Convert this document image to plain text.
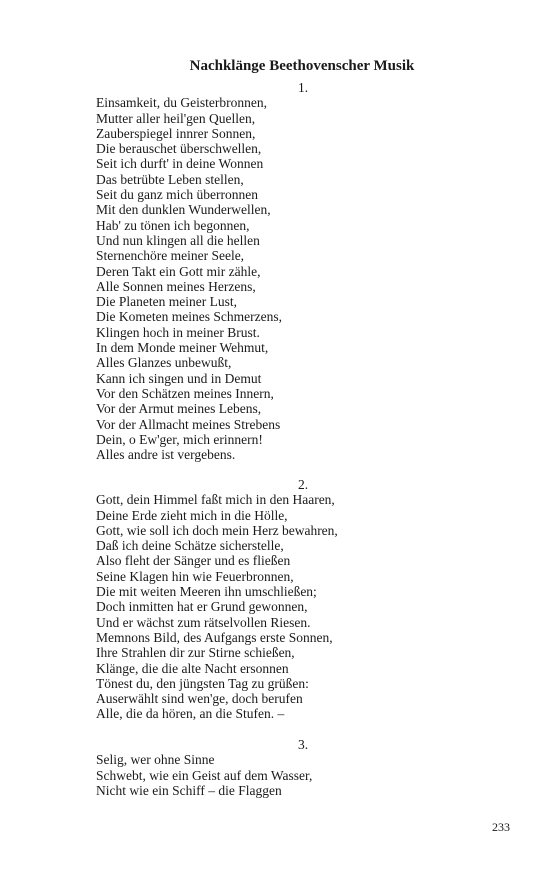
Nachklänge Beethovenscher Musik
1.
Einsamkeit, du Geisterbronnen,
Mutter aller heil'gen Quellen,
Zauberspiegel innrer Sonnen,
Die berauschet überschwellen,
Seit ich durft' in deine Wonnen
Das betrübte Leben stellen,
Seit du ganz mich überronnen
Mit den dunklen Wunderwellen,
Hab' zu tönen ich begonnen,
Und nun klingen all die hellen
Sternenchöre meiner Seele,
Deren Takt ein Gott mir zähle,
Alle Sonnen meines Herzens,
Die Planeten meiner Lust,
Die Kometen meines Schmerzens,
Klingen hoch in meiner Brust.
In dem Monde meiner Wehmut,
Alles Glanzes unbewußt,
Kann ich singen und in Demut
Vor den Schätzen meines Innern,
Vor der Armut meines Lebens,
Vor der Allmacht meines Strebens
Dein, o Ew'ger, mich erinnern!
Alles andre ist vergebens.
2.
Gott, dein Himmel faßt mich in den Haaren,
Deine Erde zieht mich in die Hölle,
Gott, wie soll ich doch mein Herz bewahren,
Daß ich deine Schätze sicherstelle,
Also fleht der Sänger und es fließen
Seine Klagen hin wie Feuerbronnen,
Die mit weiten Meeren ihn umschließen;
Doch inmitten hat er Grund gewonnen,
Und er wächst zum rätselvollen Riesen.
Memnons Bild, des Aufgangs erste Sonnen,
Ihre Strahlen dir zur Stirne schießen,
Klänge, die die alte Nacht ersonnen
Tönest du, den jüngsten Tag zu grüßen:
Auserwählt sind wen'ge, doch berufen
Alle, die da hören, an die Stufen. –
3.
Selig, wer ohne Sinne
Schwebt, wie ein Geist auf dem Wasser,
Nicht wie ein Schiff – die Flaggen
233
